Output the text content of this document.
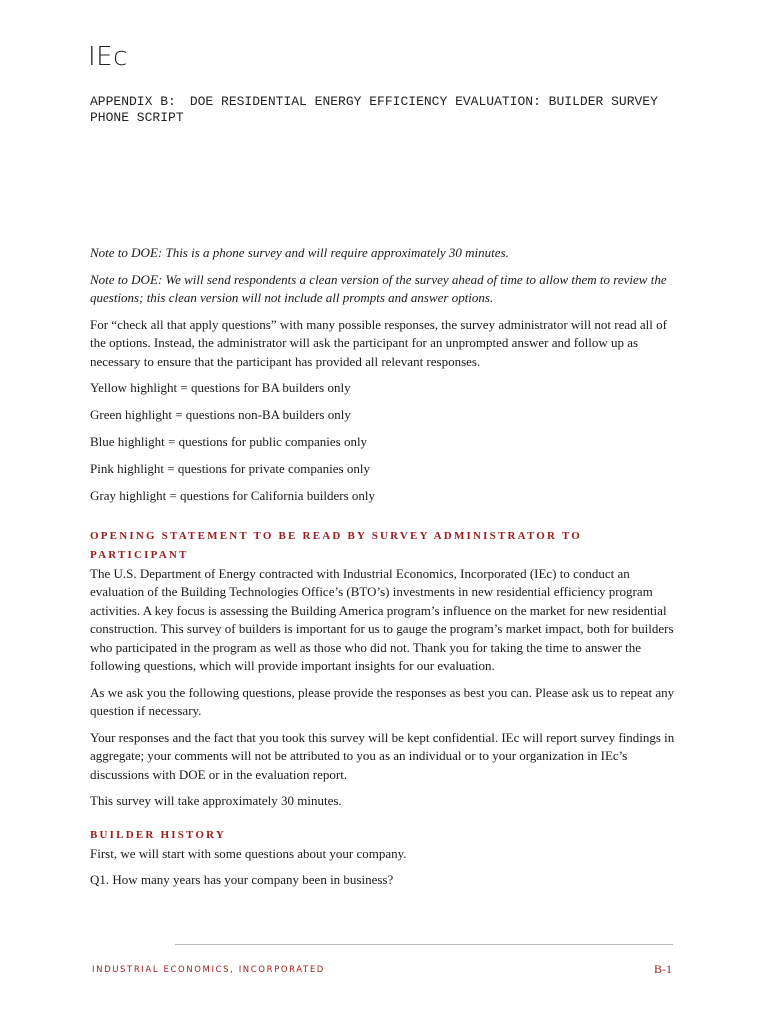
IEc
APPENDIX B: DOE RESIDENTIAL ENERGY EFFICIENCY EVALUATION: BUILDER SURVEY PHONE SCRIPT

Note to DOE: This is a phone survey and will require approximately 30 minutes.

Note to DOE: We will send respondents a clean version of the survey ahead of time to allow them to review the questions; this clean version will not include all prompts and answer options.

For “check all that apply questions” with many possible responses, the survey administrator will not read all of the options. Instead, the administrator will ask the participant for an unprompted answer and follow up as necessary to ensure that the participant has provided all relevant responses.

Yellow highlight = questions for BA builders only

Green highlight = questions non-BA builders only

Blue highlight = questions for public companies only

Pink highlight = questions for private companies only

Gray highlight = questions for California builders only

OPENING STATEMENT TO BE READ BY SURVEY ADMINISTRATOR TO PARTICIPANT

The U.S. Department of Energy contracted with Industrial Economics, Incorporated (IEc) to conduct an evaluation of the Building Technologies Office’s (BTO’s) investments in new residential efficiency program activities. A key focus is assessing the Building America program’s influence on the market for new residential construction. This survey of builders is important for us to gauge the program’s market impact, both for builders who participated in the program as well as those who did not. Thank you for taking the time to answer the following questions, which will provide important insights for our evaluation.

As we ask you the following questions, please provide the responses as best you can. Please ask us to repeat any question if necessary.

Your responses and the fact that you took this survey will be kept confidential. IEc will report survey findings in aggregate; your comments will not be attributed to you as an individual or to your organization in IEc’s discussions with DOE or in the evaluation report.

This survey will take approximately 30 minutes.

BUILDER HISTORY

First, we will start with some questions about your company.

Q1. How many years has your company been in business?

INDUSTRIAL ECONOMICS, INCORPORATED	B-1
